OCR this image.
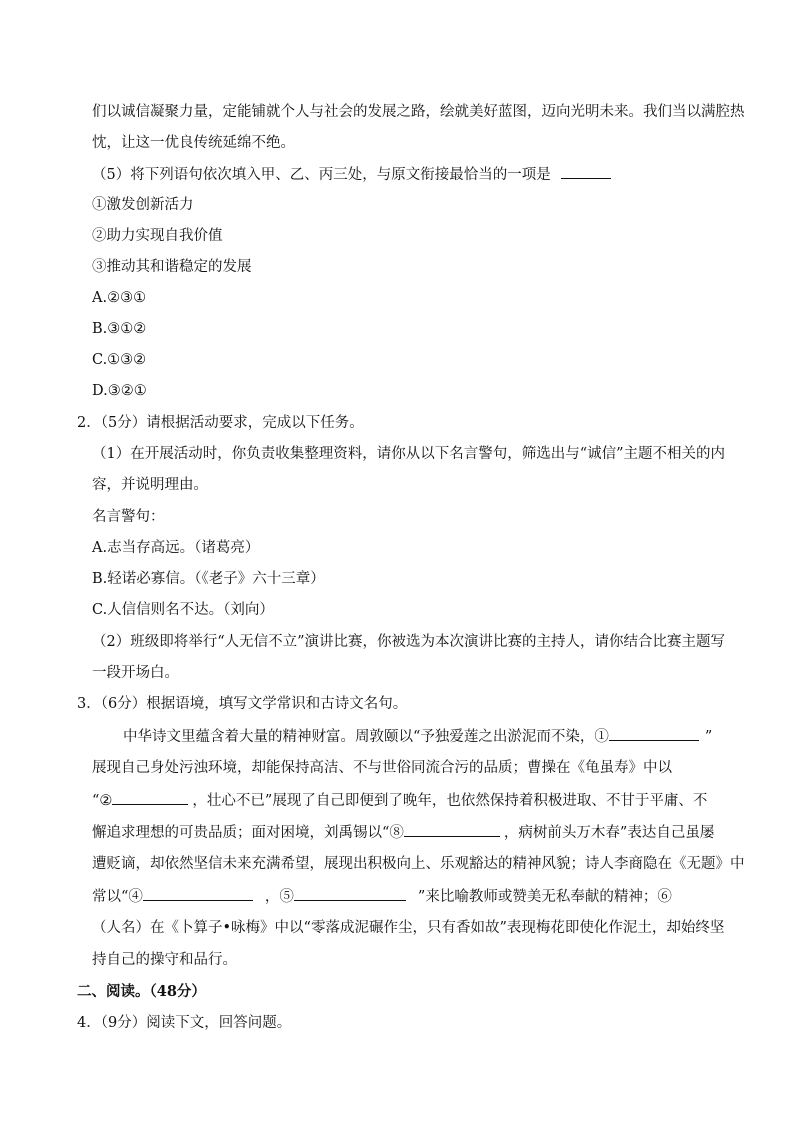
们以诚信凝聚力量，定能铺就个人与社会的发展之路，绘就美好蓝图，迈向光明未来。我们当以满腔热
忱，让这一优良传统延绵不绝。
（5）将下列语句依次填入甲、乙、丙三处，与原文衔接最恰当的一项是
①激发创新活力
②助力实现自我价值
③推动其和谐稳定的发展
A.②③①
B.③①②
C.①③②
D.③②①
2．（5分）请根据活动要求，完成以下任务。
（1）在开展活动时，你负责收集整理资料，请你从以下名言警句，筛选出与“诚信”主题不相关的内
容，并说明理由。
名言警句：
A.志当存高远。（诸葛亮）
B.轻诺必寡信。（《老子》六十三章）
C.人信信则名不达。（刘向）
（2）班级即将举行“人无信不立”演讲比赛，你被选为本次演讲比赛的主持人，请你结合比赛主题写
一段开场白。
3．（6分）根据语境，填写文学常识和古诗文名句。
中华诗文里蕴含着大量的精神财富。周敦颐以“予独爱莲之出淤泥而不染，①	”
展现自己身处污浊环境，却能保持高洁、不与世俗同流合污的品质；曹操在《龟虽寿》中以
“②	，壮心不已”展现了自己即便到了晚年，也依然保持着积极进取、不甘于平庸、不
懈追求理想的可贵品质；面对困境，刘禹锡以“⑧	，病树前头万木春”表达自己虽屡
遭贬谪，却依然坚信未来充满希望，展现出积极向上、乐观豁达的精神风貌；诗人李商隐在《无题》中
常以“④	，⑤	”来比喻教师或赞美无私奉献的精神；⑥
（人名）在《卜算子•咏梅》中以“零落成泥碾作尘，只有香如故”表现梅花即使化作泥土，却始终坚
持自己的操守和品行。
二、阅读。（48分）
4．（9分）阅读下文，回答问题。
